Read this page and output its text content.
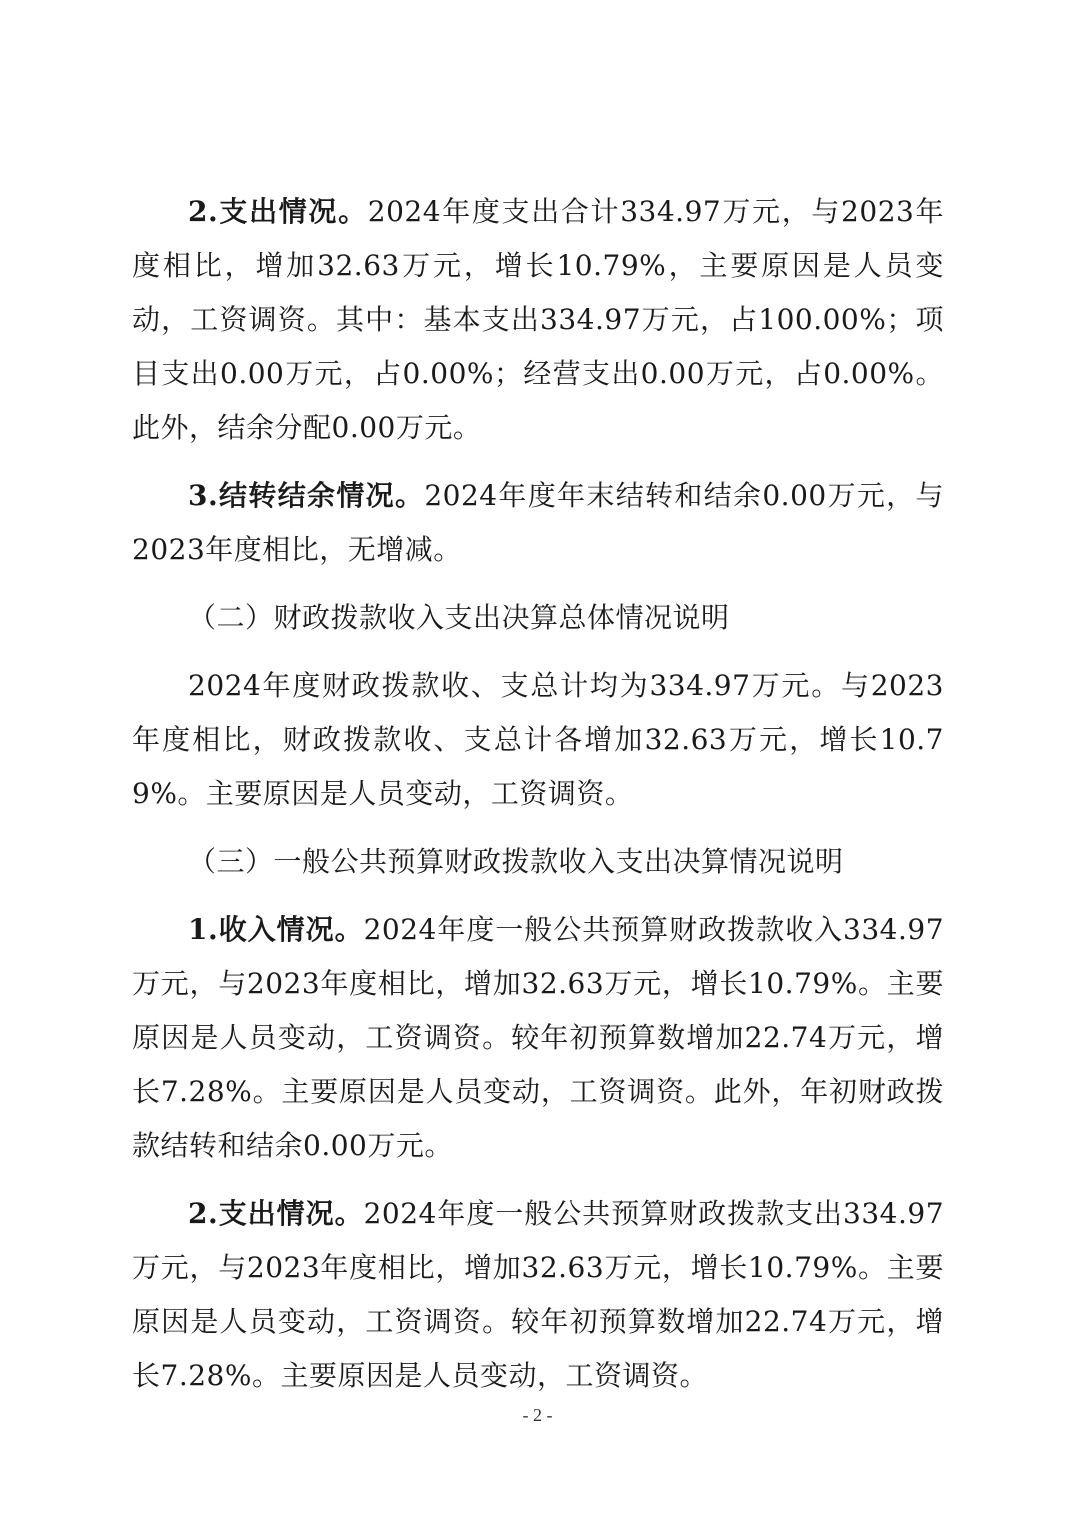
2.支出情况。2024年度支出合计334.97万元，与2023年度相比，增加32.63万元，增长10.79%，主要原因是人员变动，工资调资。其中：基本支出334.97万元，占100.00%；项目支出0.00万元，占0.00%；经营支出0.00万元，占0.00%。此外，结余分配0.00万元。

3.结转结余情况。2024年度年末结转和结余0.00万元，与2023年度相比，无增减。

（二）财政拨款收入支出决算总体情况说明

2024年度财政拨款收、支总计均为334.97万元。与2023年度相比，财政拨款收、支总计各增加32.63万元，增长10.79%。主要原因是人员变动，工资调资。

（三）一般公共预算财政拨款收入支出决算情况说明

1.收入情况。2024年度一般公共预算财政拨款收入334.97万元，与2023年度相比，增加32.63万元，增长10.79%。主要原因是人员变动，工资调资。较年初预算数增加22.74万元，增长7.28%。主要原因是人员变动，工资调资。此外，年初财政拨款结转和结余0.00万元。

2.支出情况。2024年度一般公共预算财政拨款支出334.97万元，与2023年度相比，增加32.63万元，增长10.79%。主要原因是人员变动，工资调资。较年初预算数增加22.74万元，增长7.28%。主要原因是人员变动，工资调资。

- 2 -
